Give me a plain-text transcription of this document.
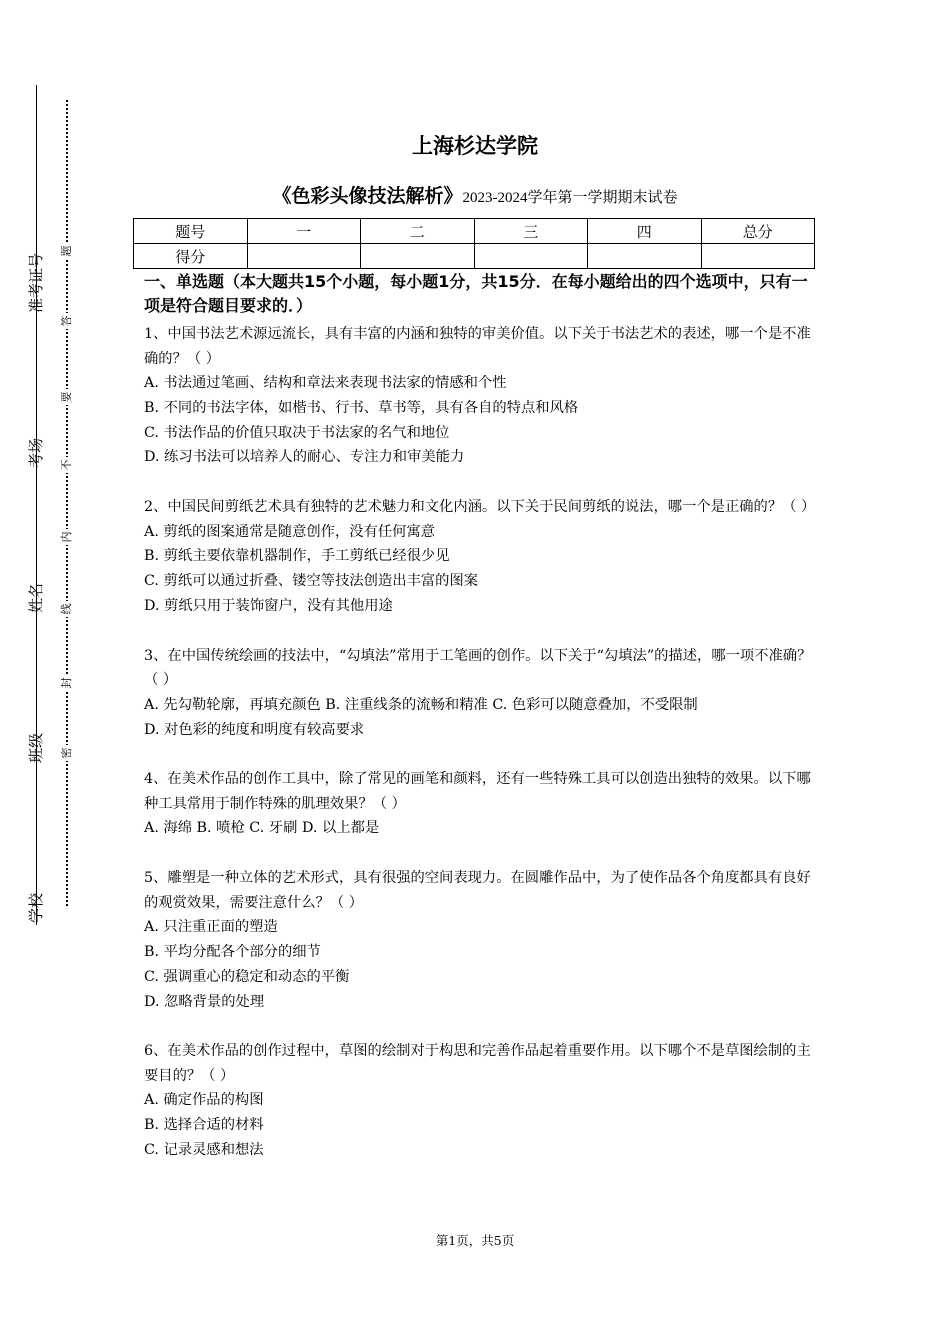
准考证号
考场
姓名
班级
学校
题
答
要
不
内
线
封
密
上海杉达学院
《色彩头像技法解析》2023-2024学年第一学期期末试卷
题号	一	二	三	四	总分
得分					
一、单选题（本大题共15个小题，每小题1分，共15分．在每小题给出的四个选项中，只有一项是符合题目要求的．）
1、中国书法艺术源远流长，具有丰富的内涵和独特的审美价值。以下关于书法艺术的表述，哪一个是不准确的？（ ）
A. 书法通过笔画、结构和章法来表现书法家的情感和个性
B. 不同的书法字体，如楷书、行书、草书等，具有各自的特点和风格
C. 书法作品的价值只取决于书法家的名气和地位
D. 练习书法可以培养人的耐心、专注力和审美能力
2、中国民间剪纸艺术具有独特的艺术魅力和文化内涵。以下关于民间剪纸的说法，哪一个是正确的？（ ）
A. 剪纸的图案通常是随意创作，没有任何寓意
B. 剪纸主要依靠机器制作，手工剪纸已经很少见
C. 剪纸可以通过折叠、镂空等技法创造出丰富的图案
D. 剪纸只用于装饰窗户，没有其他用途
3、在中国传统绘画的技法中，“勾填法”常用于工笔画的创作。以下关于“勾填法”的描述，哪一项不准确？（ ）
A. 先勾勒轮廓，再填充颜色 B. 注重线条的流畅和精准 C. 色彩可以随意叠加，不受限制
D. 对色彩的纯度和明度有较高要求
4、在美术作品的创作工具中，除了常见的画笔和颜料，还有一些特殊工具可以创造出独特的效果。以下哪种工具常用于制作特殊的肌理效果？（ ）
A. 海绵 B. 喷枪 C. 牙刷 D. 以上都是
5、雕塑是一种立体的艺术形式，具有很强的空间表现力。在圆雕作品中，为了使作品各个角度都具有良好的观赏效果，需要注意什么？（ ）
A. 只注重正面的塑造
B. 平均分配各个部分的细节
C. 强调重心的稳定和动态的平衡
D. 忽略背景的处理
6、在美术作品的创作过程中，草图的绘制对于构思和完善作品起着重要作用。以下哪个不是草图绘制的主要目的？（ ）
A. 确定作品的构图
B. 选择合适的材料
C. 记录灵感和想法
第1页，共5页
